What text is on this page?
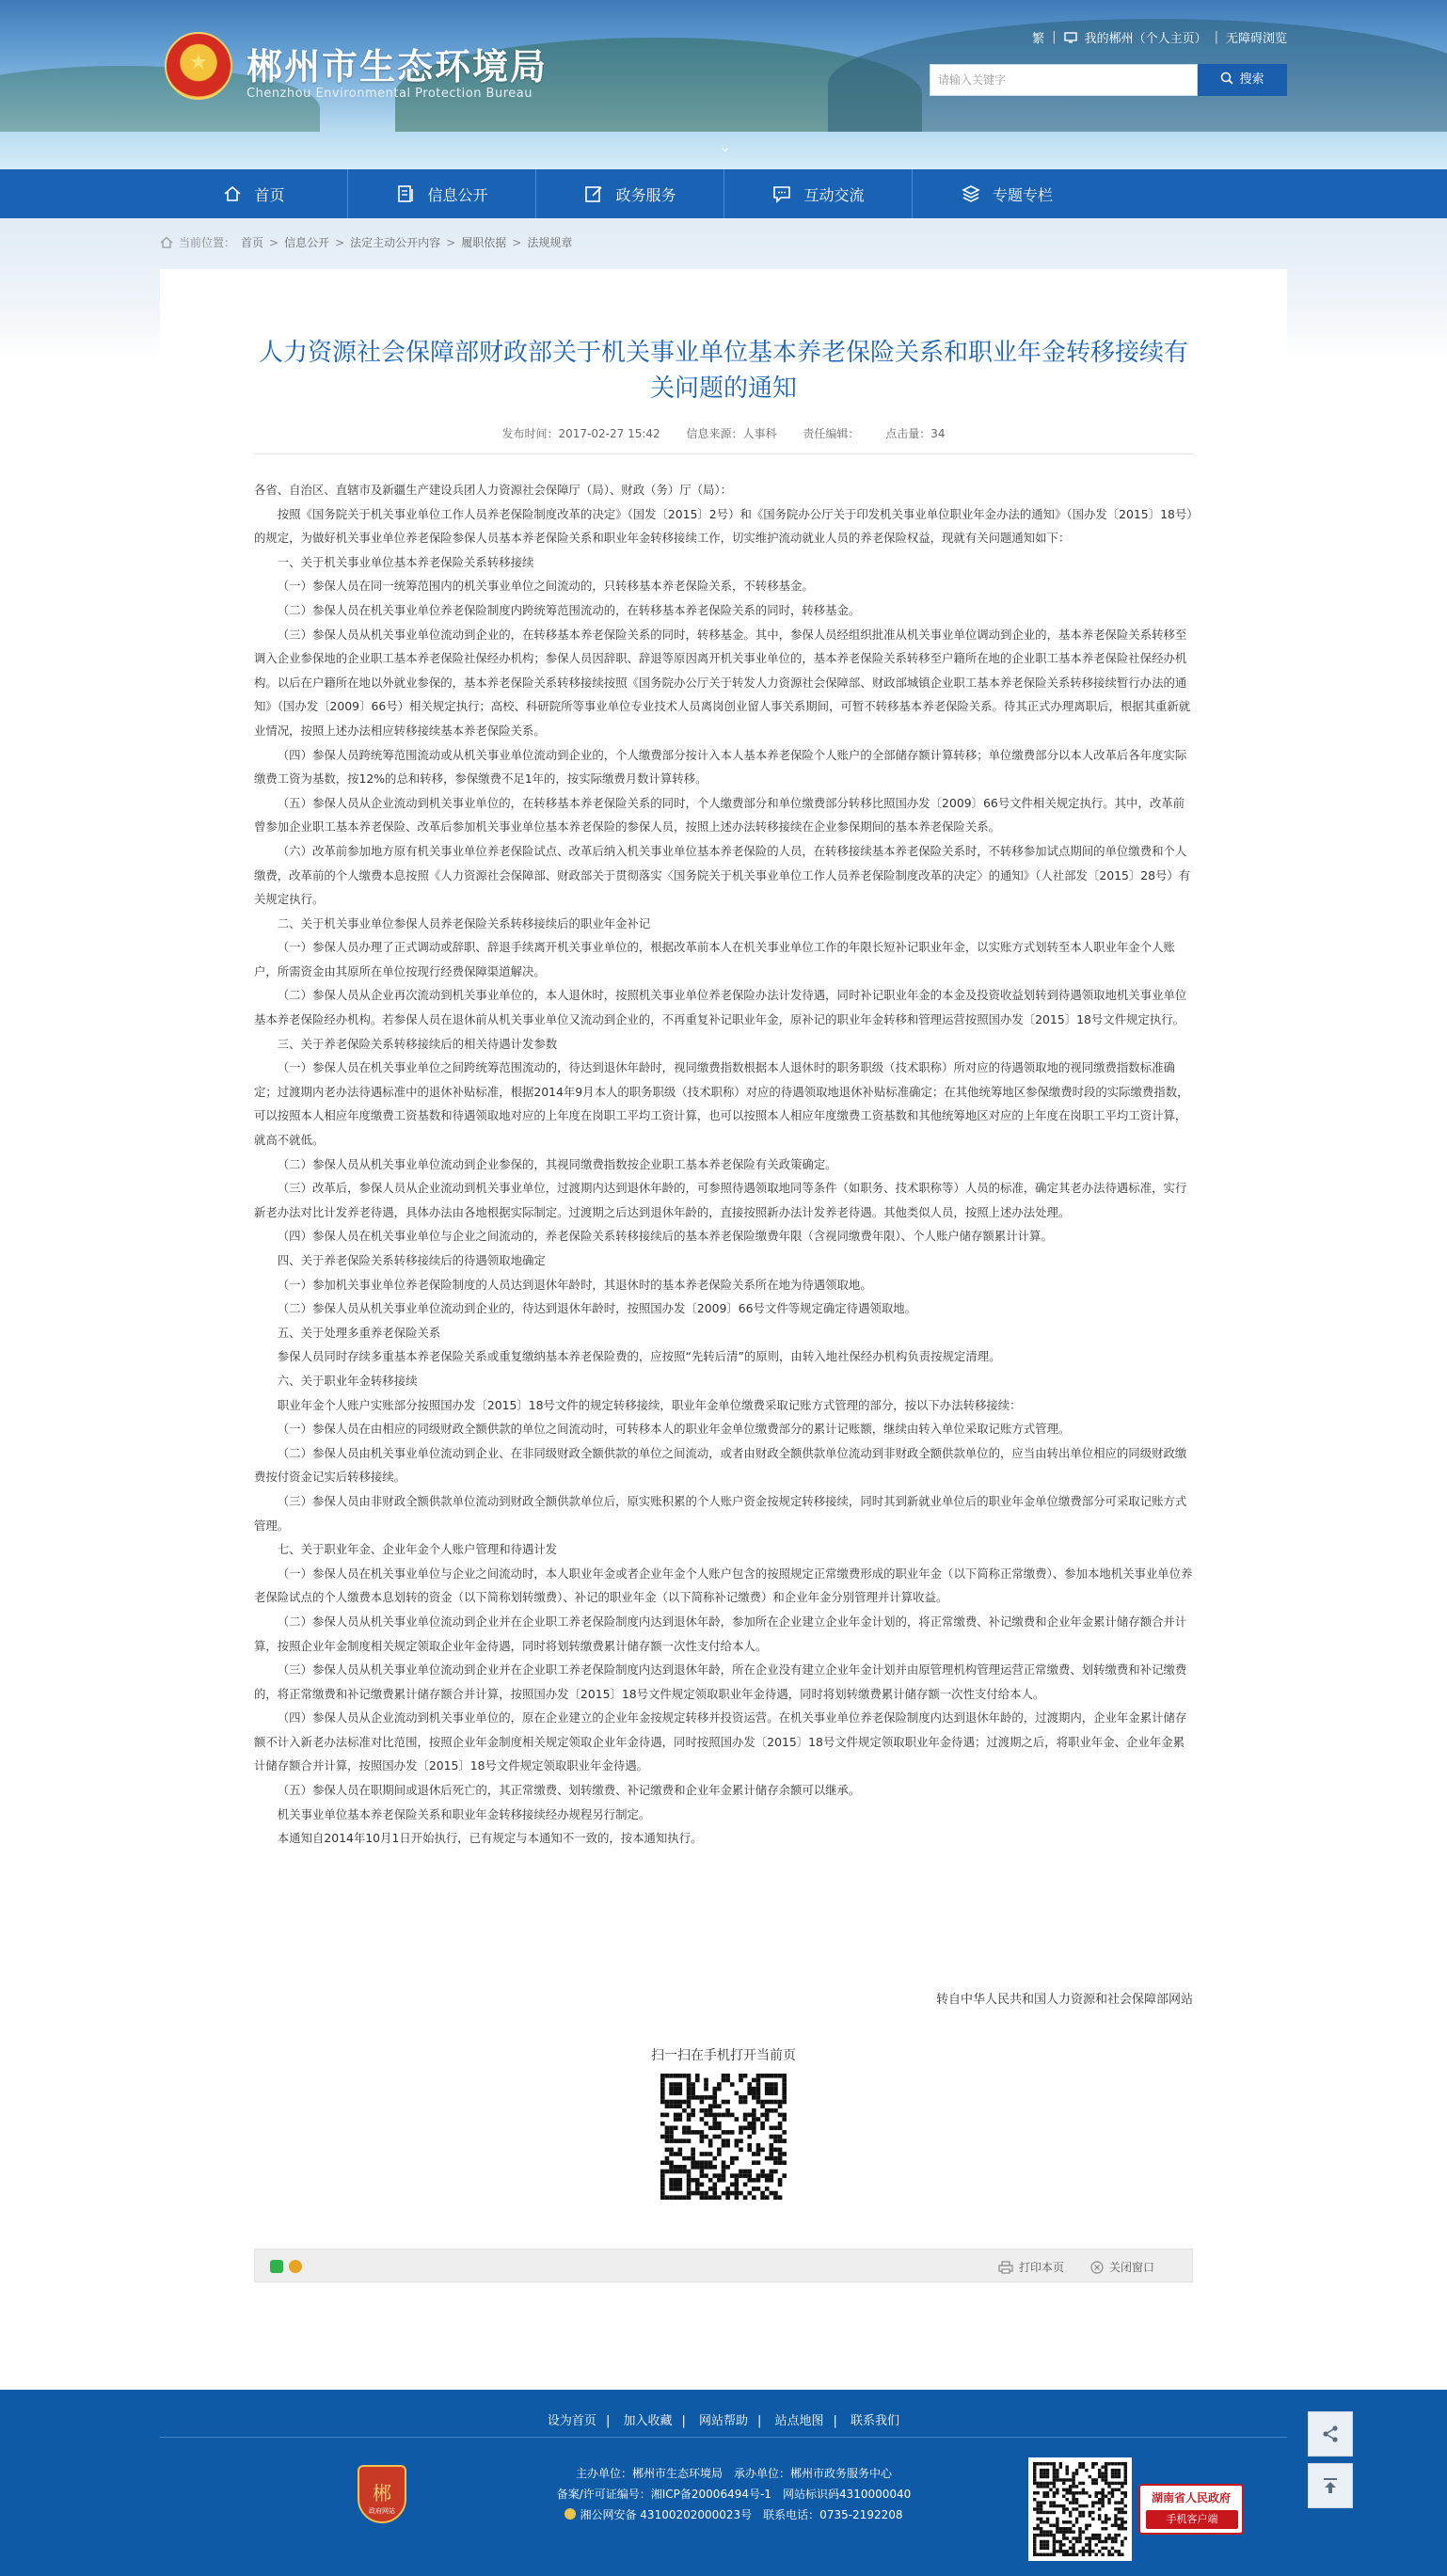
★	郴州市生态环境局
Chenzhou Environmental Protection Bureau
繁 | 我的郴州（个人主页） | 无障碍浏览
请输入关键字	搜索
⌄
首页	信息公开	政务服务	互动交流	专题专栏
当前位置： 首页 > 信息公开 > 法定主动公开内容 > 履职依据 > 法规规章
人力资源社会保障部财政部关于机关事业单位基本养老保险关系和职业年金转移接续有关问题的通知
发布时间：2017-02-27 15:42 信息来源：人事科 责任编辑： 点击量：34

各省、自治区、直辖市及新疆生产建设兵团人力资源社会保障厅（局）、财政（务）厅（局）：

按照《国务院关于机关事业单位工作人员养老保险制度改革的决定》（国发〔2015〕2号）和《国务院办公厅关于印发机关事业单位职业年金办法的通知》（国办发〔2015〕18号）的规定，为做好机关事业单位养老保险参保人员基本养老保险关系和职业年金转移接续工作，切实维护流动就业人员的养老保险权益，现就有关问题通知如下：

一、关于机关事业单位基本养老保险关系转移接续

（一）参保人员在同一统筹范围内的机关事业单位之间流动的，只转移基本养老保险关系，不转移基金。

（二）参保人员在机关事业单位养老保险制度内跨统筹范围流动的，在转移基本养老保险关系的同时，转移基金。

（三）参保人员从机关事业单位流动到企业的，在转移基本养老保险关系的同时，转移基金。其中，参保人员经组织批准从机关事业单位调动到企业的，基本养老保险关系转移至调入企业参保地的企业职工基本养老保险社保经办机构；参保人员因辞职、辞退等原因离开机关事业单位的，基本养老保险关系转移至户籍所在地的企业职工基本养老保险社保经办机构。以后在户籍所在地以外就业参保的，基本养老保险关系转移接续按照《国务院办公厅关于转发人力资源社会保障部、财政部城镇企业职工基本养老保险关系转移接续暂行办法的通知》（国办发〔2009〕66号）相关规定执行；高校、科研院所等事业单位专业技术人员离岗创业留人事关系期间，可暂不转移基本养老保险关系。待其正式办理离职后，根据其重新就业情况，按照上述办法相应转移接续基本养老保险关系。

（四）参保人员跨统筹范围流动或从机关事业单位流动到企业的，个人缴费部分按计入本人基本养老保险个人账户的全部储存额计算转移；单位缴费部分以本人改革后各年度实际缴费工资为基数，按12%的总和转移，参保缴费不足1年的，按实际缴费月数计算转移。

（五）参保人员从企业流动到机关事业单位的，在转移基本养老保险关系的同时，个人缴费部分和单位缴费部分转移比照国办发〔2009〕66号文件相关规定执行。其中，改革前曾参加企业职工基本养老保险、改革后参加机关事业单位基本养老保险的参保人员，按照上述办法转移接续在企业参保期间的基本养老保险关系。

（六）改革前参加地方原有机关事业单位养老保险试点、改革后纳入机关事业单位基本养老保险的人员，在转移接续基本养老保险关系时，不转移参加试点期间的单位缴费和个人缴费，改革前的个人缴费本息按照《人力资源社会保障部、财政部关于贯彻落实〈国务院关于机关事业单位工作人员养老保险制度改革的决定〉的通知》（人社部发〔2015〕28号）有关规定执行。

二、关于机关事业单位参保人员养老保险关系转移接续后的职业年金补记

（一）参保人员办理了正式调动或辞职、辞退手续离开机关事业单位的，根据改革前本人在机关事业单位工作的年限长短补记职业年金，以实账方式划转至本人职业年金个人账户，所需资金由其原所在单位按现行经费保障渠道解决。

（二）参保人员从企业再次流动到机关事业单位的，本人退休时，按照机关事业单位养老保险办法计发待遇，同时补记职业年金的本金及投资收益划转到待遇领取地机关事业单位基本养老保险经办机构。若参保人员在退休前从机关事业单位又流动到企业的，不再重复补记职业年金，原补记的职业年金转移和管理运营按照国办发〔2015〕18号文件规定执行。

三、关于养老保险关系转移接续后的相关待遇计发参数

（一）参保人员在机关事业单位之间跨统筹范围流动的，待达到退休年龄时，视同缴费指数根据本人退休时的职务职级（技术职称）所对应的待遇领取地的视同缴费指数标准确定；过渡期内老办法待遇标准中的退休补贴标准，根据2014年9月本人的职务职级（技术职称）对应的待遇领取地退休补贴标准确定；在其他统筹地区参保缴费时段的实际缴费指数，可以按照本人相应年度缴费工资基数和待遇领取地对应的上年度在岗职工平均工资计算，也可以按照本人相应年度缴费工资基数和其他统筹地区对应的上年度在岗职工平均工资计算，就高不就低。

（二）参保人员从机关事业单位流动到企业参保的，其视同缴费指数按企业职工基本养老保险有关政策确定。

（三）改革后，参保人员从企业流动到机关事业单位，过渡期内达到退休年龄的，可参照待遇领取地同等条件（如职务、技术职称等）人员的标准，确定其老办法待遇标准，实行新老办法对比计发养老待遇，具体办法由各地根据实际制定。过渡期之后达到退休年龄的，直接按照新办法计发养老待遇。其他类似人员，按照上述办法处理。

（四）参保人员在机关事业单位与企业之间流动的，养老保险关系转移接续后的基本养老保险缴费年限（含视同缴费年限）、个人账户储存额累计计算。

四、关于养老保险关系转移接续后的待遇领取地确定

（一）参加机关事业单位养老保险制度的人员达到退休年龄时，其退休时的基本养老保险关系所在地为待遇领取地。

（二）参保人员从机关事业单位流动到企业的，待达到退休年龄时，按照国办发〔2009〕66号文件等规定确定待遇领取地。

五、关于处理多重养老保险关系

参保人员同时存续多重基本养老保险关系或重复缴纳基本养老保险费的，应按照“先转后清”的原则，由转入地社保经办机构负责按规定清理。

六、关于职业年金转移接续

职业年金个人账户实账部分按照国办发〔2015〕18号文件的规定转移接续，职业年金单位缴费采取记账方式管理的部分，按以下办法转移接续：

（一）参保人员在由相应的同级财政全额供款的单位之间流动时，可转移本人的职业年金单位缴费部分的累计记账额，继续由转入单位采取记账方式管理。

（二）参保人员由机关事业单位流动到企业、在非同级财政全额供款的单位之间流动，或者由财政全额供款单位流动到非财政全额供款单位的，应当由转出单位相应的同级财政缴费按付资金记实后转移接续。

（三）参保人员由非财政全额供款单位流动到财政全额供款单位后，原实账积累的个人账户资金按规定转移接续，同时其到新就业单位后的职业年金单位缴费部分可采取记账方式管理。

七、关于职业年金、企业年金个人账户管理和待遇计发

（一）参保人员在机关事业单位与企业之间流动时，本人职业年金或者企业年金个人账户包含的按照规定正常缴费形成的职业年金（以下简称正常缴费）、参加本地机关事业单位养老保险试点的个人缴费本息划转的资金（以下简称划转缴费）、补记的职业年金（以下简称补记缴费）和企业年金分别管理并计算收益。

（二）参保人员从机关事业单位流动到企业并在企业职工养老保险制度内达到退休年龄，参加所在企业建立企业年金计划的，将正常缴费、补记缴费和企业年金累计储存额合并计算，按照企业年金制度相关规定领取企业年金待遇，同时将划转缴费累计储存额一次性支付给本人。

（三）参保人员从机关事业单位流动到企业并在企业职工养老保险制度内达到退休年龄，所在企业没有建立企业年金计划并由原管理机构管理运营正常缴费、划转缴费和补记缴费的，将正常缴费和补记缴费累计储存额合并计算，按照国办发〔2015〕18号文件规定领取职业年金待遇，同时将划转缴费累计储存额一次性支付给本人。

（四）参保人员从企业流动到机关事业单位的，原在企业建立的企业年金按规定转移并投资运营。在机关事业单位养老保险制度内达到退休年龄的，过渡期内，企业年金累计储存额不计入新老办法标准对比范围，按照企业年金制度相关规定领取企业年金待遇，同时按照国办发〔2015〕18号文件规定领取职业年金待遇；过渡期之后，将职业年金、企业年金累计储存额合并计算，按照国办发〔2015〕18号文件规定领取职业年金待遇。

（五）参保人员在职期间或退休后死亡的，其正常缴费、划转缴费、补记缴费和企业年金累计储存余额可以继承。

机关事业单位基本养老保险关系和职业年金转移接续经办规程另行制定。

本通知自2014年10月1日开始执行，已有规定与本通知不一致的，按本通知执行。

转自中华人民共和国人力资源和社会保障部网站
扫一扫在手机打开当前页
打印本页	关闭窗口
设为首页 | 加入收藏 | 网站帮助 | 站点地图 | 联系我们
郴
政府网站
主办单位：郴州市生态环境局　承办单位：郴州市政务服务中心
备案/许可证编号：湘ICP备20006494号-1　网站标识码4310000040
湘公网安备 43100202000023号　联系电话：0735-2192208
湖南省人民政府
手机客户端
